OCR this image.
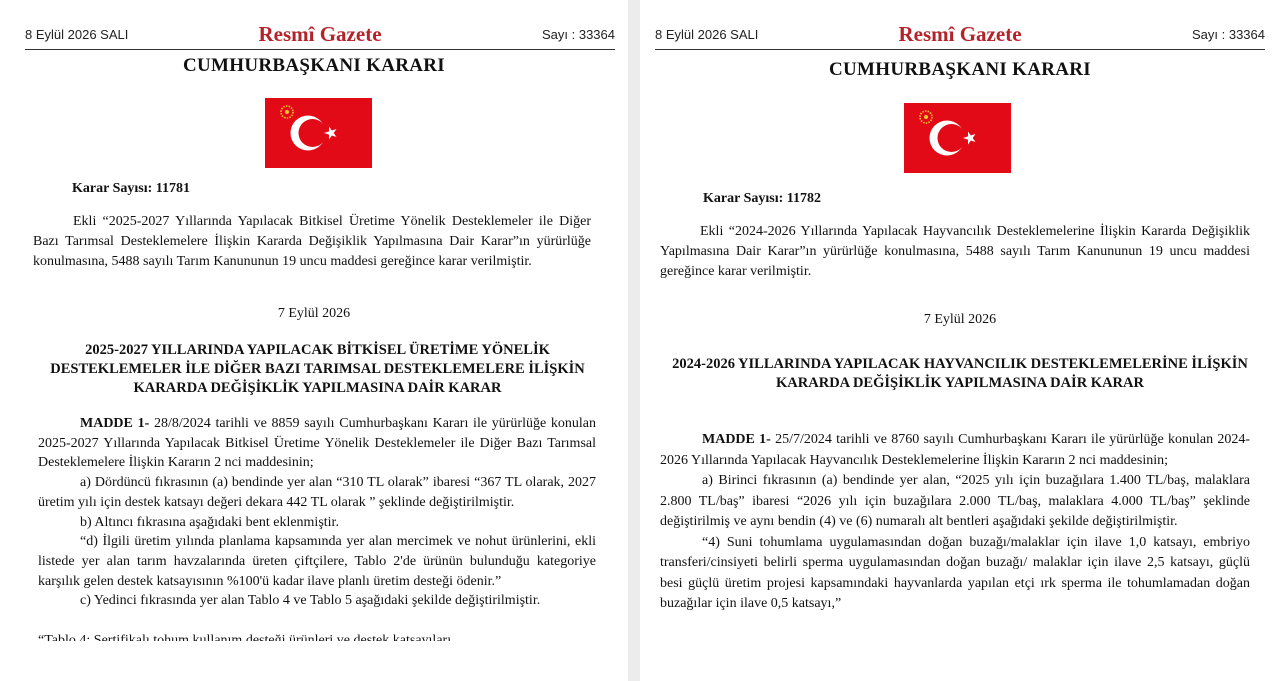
8 Eylül 2026 SALI	Resmî Gazete	Sayı : 33364
CUMHURBAŞKANI KARARI
Karar Sayısı: 11781
Ekli “2025-2027 Yıllarında Yapılacak Bitkisel Üretime Yönelik Desteklemeler ile Diğer Bazı Tarımsal Desteklemelere İlişkin Kararda Değişiklik Yapılmasına Dair Karar”ın yürürlüğe konulmasına, 5488 sayılı Tarım Kanununun 19 uncu maddesi gereğince karar verilmiştir.
7 Eylül 2026
2025-2027 YILLARINDA YAPILACAK BİTKİSEL ÜRETİME YÖNELİK DESTEKLEMELER İLE DİĞER BAZI TARIMSAL DESTEKLEMELERE İLİŞKİN KARARDA DEĞİŞİKLİK YAPILMASINA DAİR KARAR

MADDE 1- 28/8/2024 tarihli ve 8859 sayılı Cumhurbaşkanı Kararı ile yürürlüğe konulan 2025-2027 Yıllarında Yapılacak Bitkisel Üretime Yönelik Desteklemeler ile Diğer Bazı Tarımsal Desteklemelere İlişkin Kararın 2 nci maddesinin;

a) Dördüncü fıkrasının (a) bendinde yer alan “310 TL olarak” ibaresi “367 TL olarak, 2027 üretim yılı için destek katsayı değeri dekara 442 TL olarak ” şeklinde değiştirilmiştir.

b) Altıncı fıkrasına aşağıdaki bent eklenmiştir.

“d) İlgili üretim yılında planlama kapsamında yer alan mercimek ve nohut ürünlerini, ekli listede yer alan tarım havzalarında üreten çiftçilere, Tablo 2'de ürünün bulunduğu kategoriye karşılık gelen destek katsayısının %100'ü kadar ilave planlı üretim desteği ödenir.”

c) Yedinci fıkrasında yer alan Tablo 4 ve Tablo 5 aşağıdaki şekilde değiştirilmiştir.

8 Eylül 2026 SALI	Resmî Gazete	Sayı : 33364
CUMHURBAŞKANI KARARI
Karar Sayısı: 11782
Ekli “2024-2026 Yıllarında Yapılacak Hayvancılık Desteklemelerine İlişkin Kararda Değişiklik Yapılmasına Dair Karar”ın yürürlüğe konulmasına, 5488 sayılı Tarım Kanununun 19 uncu maddesi gereğince karar verilmiştir.
7 Eylül 2026
2024-2026 YILLARINDA YAPILACAK HAYVANCILIK DESTEKLEMELERİNE İLİŞKİN KARARDA DEĞİŞİKLİK YAPILMASINA DAİR KARAR

MADDE 1- 25/7/2024 tarihli ve 8760 sayılı Cumhurbaşkanı Kararı ile yürürlüğe konulan 2024-2026 Yıllarında Yapılacak Hayvancılık Desteklemelerine İlişkin Kararın 2 nci maddesinin;

a) Birinci fıkrasının (a) bendinde yer alan, “2025 yılı için buzağılara 1.400 TL/baş, malaklara 2.800 TL/baş” ibaresi “2026 yılı için buzağılara 2.000 TL/baş, malaklara 4.000 TL/baş” şeklinde değiştirilmiş ve aynı bendin (4) ve (6) numaralı alt bentleri aşağıdaki şekilde değiştirilmiştir.

“4) Suni tohumlama uygulamasından doğan buzağı/malaklar için ilave 1,0 katsayı, embriyo transferi/cinsiyeti belirli sperma uygulamasından doğan buzağı/ malaklar için ilave 2,5 katsayı, güçlü besi güçlü üretim projesi kapsamındaki hayvanlarda yapılan etçi ırk sperma ile tohumlamadan doğan buzağılar için ilave 0,5 katsayı,”
